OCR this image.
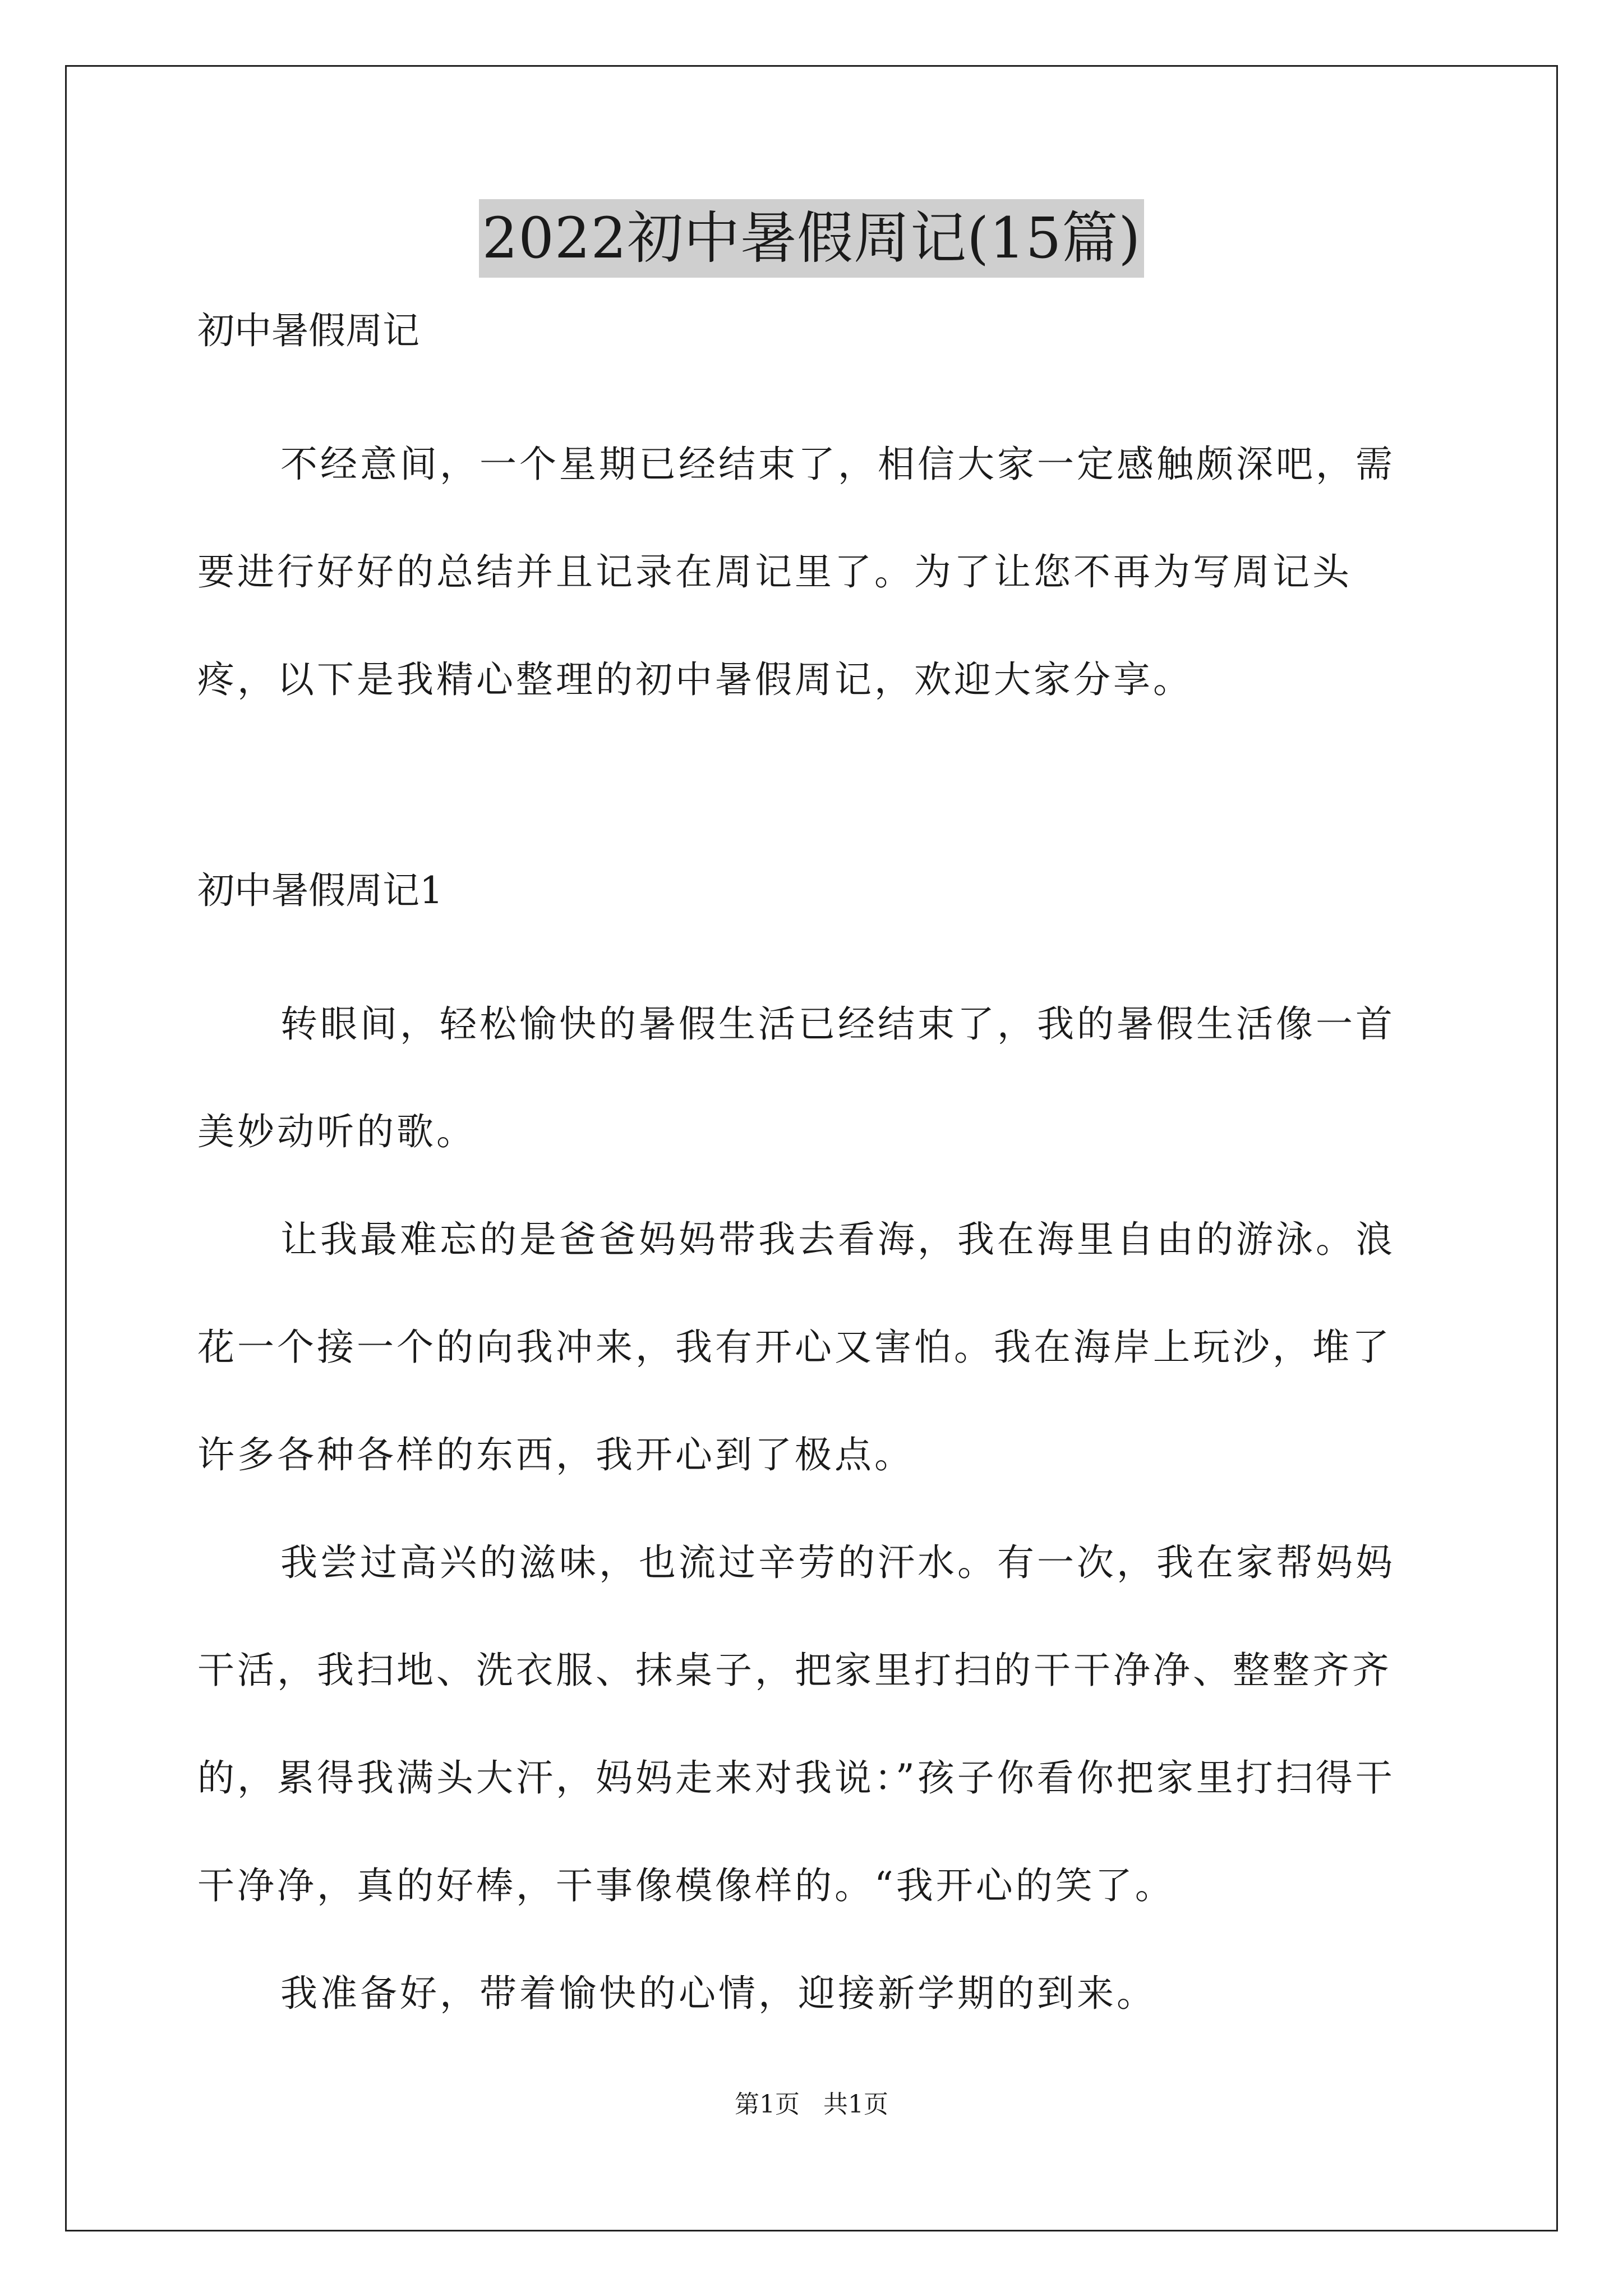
2022初中暑假周记(15篇)

初中暑假周记

不经意间，一个星期已经结束了，相信大家一定感触颇深吧，需要进行好好的总结并且记录在周记里了。为了让您不再为写周记头疼，以下是我精心整理的初中暑假周记，欢迎大家分享。

初中暑假周记1

转眼间，轻松愉快的暑假生活已经结束了，我的暑假生活像一首美妙动听的歌。

让我最难忘的是爸爸妈妈带我去看海，我在海里自由的游泳。浪花一个接一个的向我冲来，我有开心又害怕。我在海岸上玩沙，堆了许多各种各样的东西，我开心到了极点。

我尝过高兴的滋味，也流过辛劳的汗水。有一次，我在家帮妈妈干活，我扫地、洗衣服、抹桌子，把家里打扫的干干净净、整整齐齐的，累得我满头大汗，妈妈走来对我说：”孩子你看你把家里打扫得干干净净，真的好棒，干事像模像样的。“我开心的笑了。

我准备好，带着愉快的心情，迎接新学期的到来。

第1页   共1页
